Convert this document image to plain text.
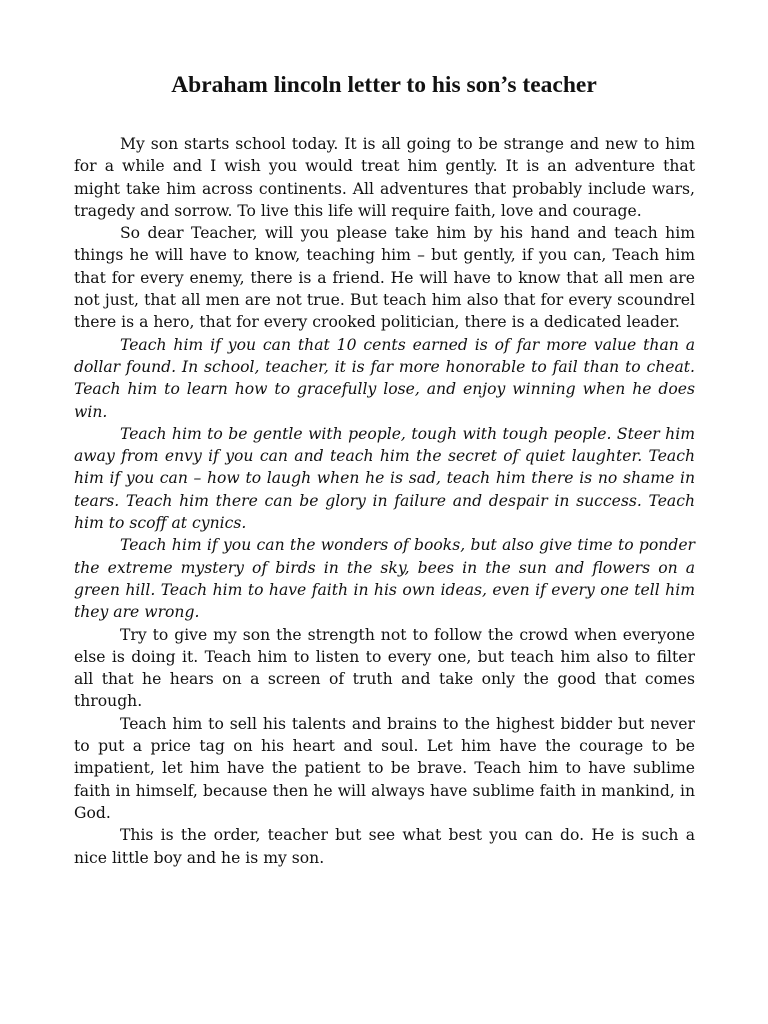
Abraham lincoln letter to his son’s teacher

My son starts school today. It is all going to be strange and new to him for a while and I wish you would treat him gently. It is an adventure that might take him across continents. All adventures that probably include wars, tragedy and sorrow. To live this life will require faith, love and courage.

So dear Teacher, will you please take him by his hand and teach him things he will have to know, teaching him – but gently, if you can, Teach him that for every enemy, there is a friend. He will have to know that all men are not just, that all men are not true. But teach him also that for every scoundrel there is a hero, that for every crooked politician, there is a dedicated leader.

Teach him if you can that 10 cents earned is of far more value than a dollar found. In school, teacher, it is far more honorable to fail than to cheat. Teach him to learn how to gracefully lose, and enjoy winning when he does win.

Teach him to be gentle with people, tough with tough people. Steer him away from envy if you can and teach him the secret of quiet laughter. Teach him if you can – how to laugh when he is sad, teach him there is no shame in tears. Teach him there can be glory in failure and despair in success. Teach him to scoff at cynics.

Teach him if you can the wonders of books, but also give time to ponder the extreme mystery of birds in the sky, bees in the sun and flowers on a green hill. Teach him to have faith in his own ideas, even if every one tell him they are wrong.

Try to give my son the strength not to follow the crowd when everyone else is doing it. Teach him to listen to every one, but teach him also to filter all that he hears on a screen of truth and take only the good that comes through.

Teach him to sell his talents and brains to the highest bidder but never to put a price tag on his heart and soul. Let him have the courage to be impatient, let him have the patient to be brave. Teach him to have sublime faith in himself, because then he will always have sublime faith in mankind, in God.

This is the order, teacher but see what best you can do. He is such a nice little boy and he is my son.
